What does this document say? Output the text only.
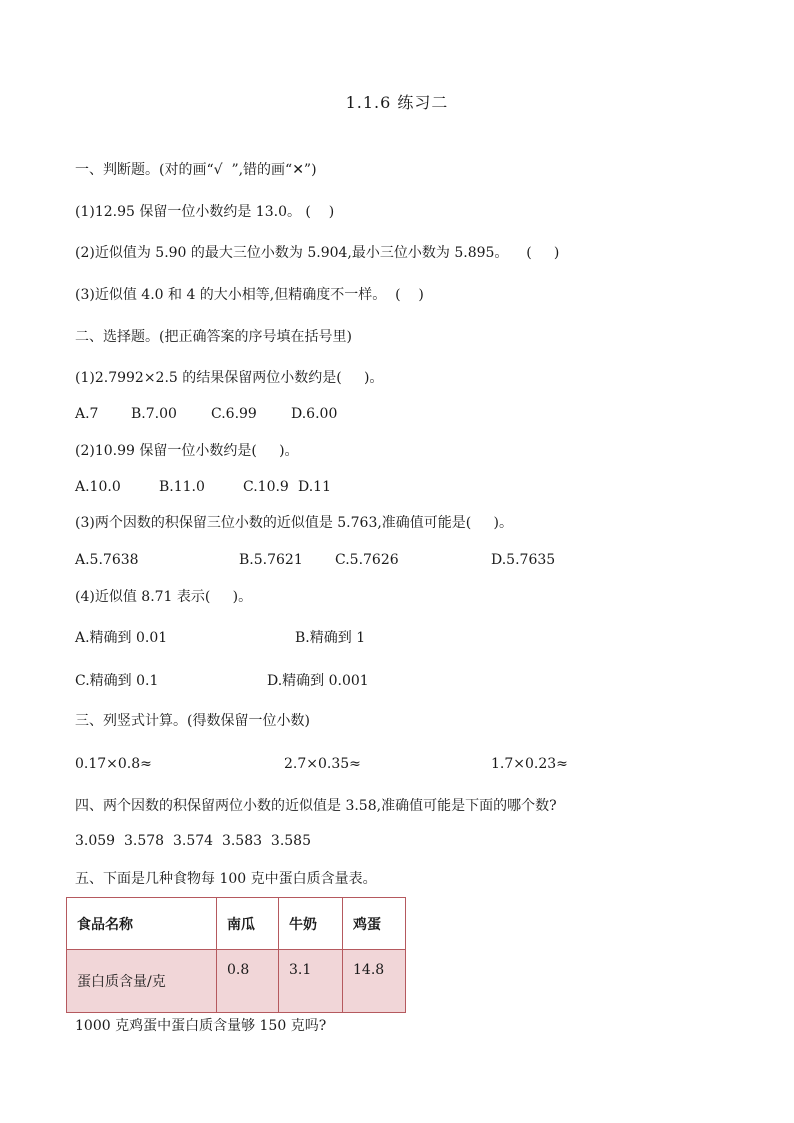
1.1.6 练习二
一、判断题。(对的画“√  ”,错的画“✕”)
(1)12.95 保留一位小数约是 13.0。 (    )
(2)近似值为 5.90 的最大三位小数为 5.904,最小三位小数为 5.895。    (     )
(3)近似值 4.0 和 4 的大小相等,但精确度不一样。  (    )
二、选择题。(把正确答案的序号填在括号里)
(1)2.7992×2.5 的结果保留两位小数约是(     )。
A.7 B.7.00 C.6.99 D.6.00
(2)10.99 保留一位小数约是(     )。
A.10.0	B.11.0	C.10.9 D.11
(3)两个因数的积保留三位小数的近似值是 5.763,准确值可能是(     )。
A.5.7638	B.5.7621 C.5.7626	D.5.7635
(4)近似值 8.71 表示(     )。
A.精确到 0.01	B.精确到 1
C.精确到 0.1	D.精确到 0.001
三、列竖式计算。(得数保留一位小数)
0.17×0.8≈	2.7×0.35≈	1.7×0.23≈
四、两个因数的积保留两位小数的近似值是 3.58,准确值可能是下面的哪个数?
3.059  3.578  3.574  3.583  3.585
五、下面是几种食物每 100 克中蛋白质含量表。
食品名称	南瓜	牛奶	鸡蛋
蛋白质含量/克	0.8	3.1	14.8
1000 克鸡蛋中蛋白质含量够 150 克吗?
